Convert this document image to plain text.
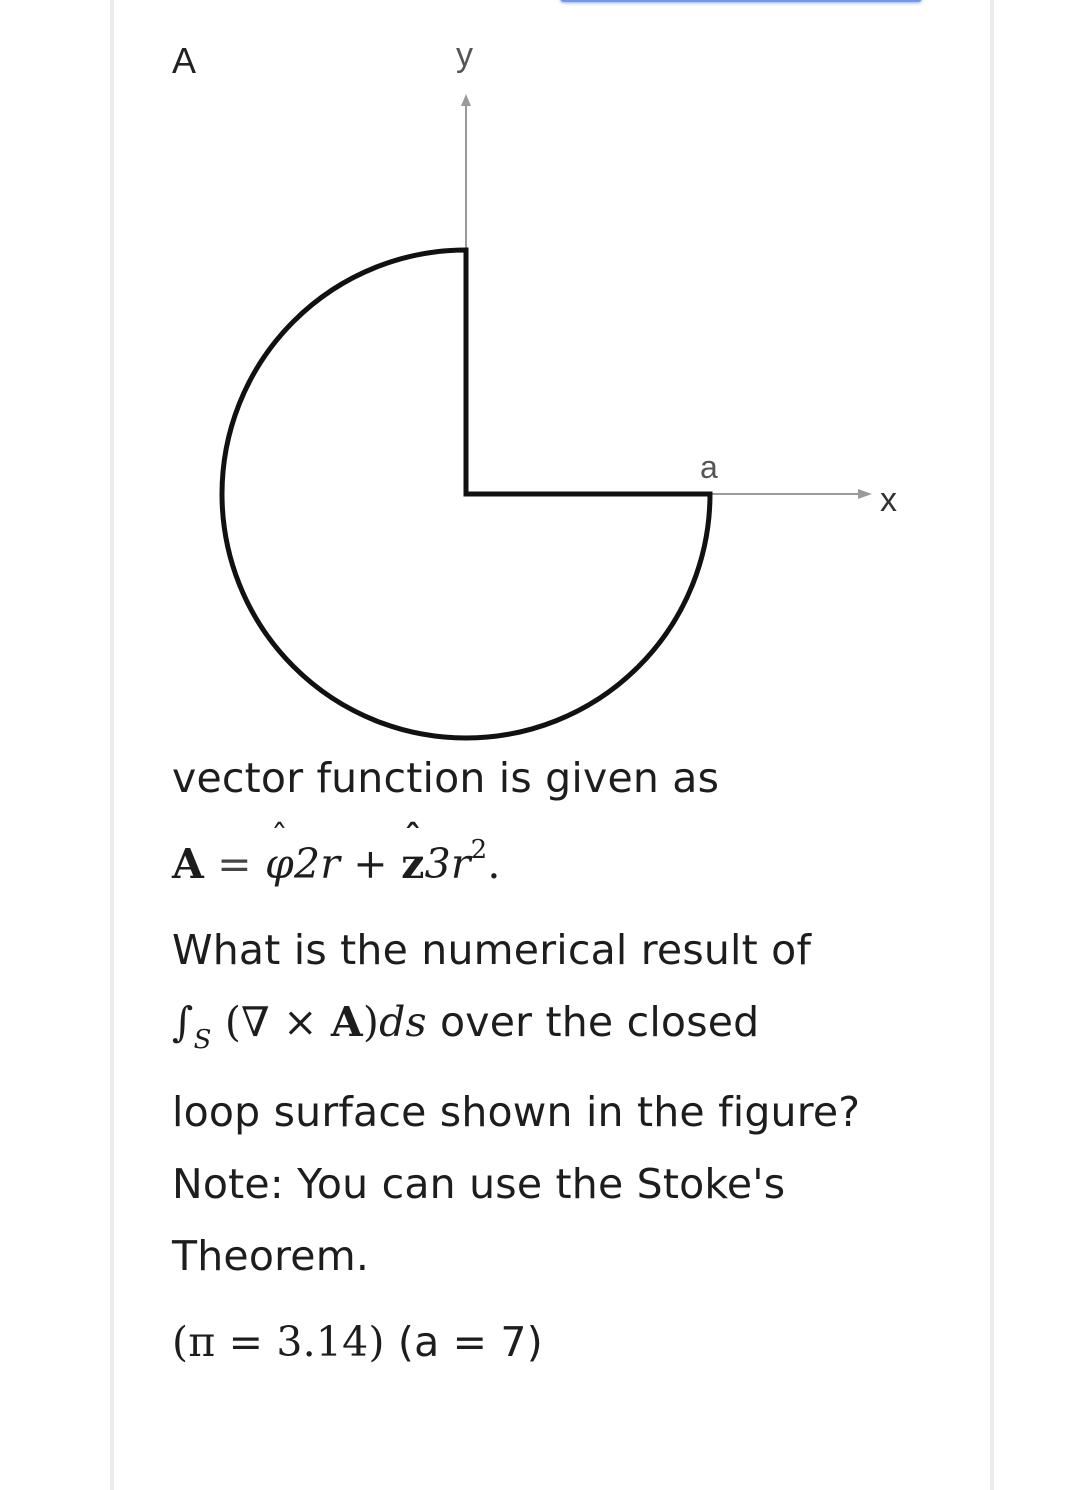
A	y
x
a
vector function is given as
A = ˆ φ2r + ˆ $z3r^2$.
What is the numerical result of
$\int_S$ (∇ × A)ds over the closed
loop surface shown in the figure?
Note: You can use the Stoke's
Theorem.
(π = 3.14) (a = 7)
